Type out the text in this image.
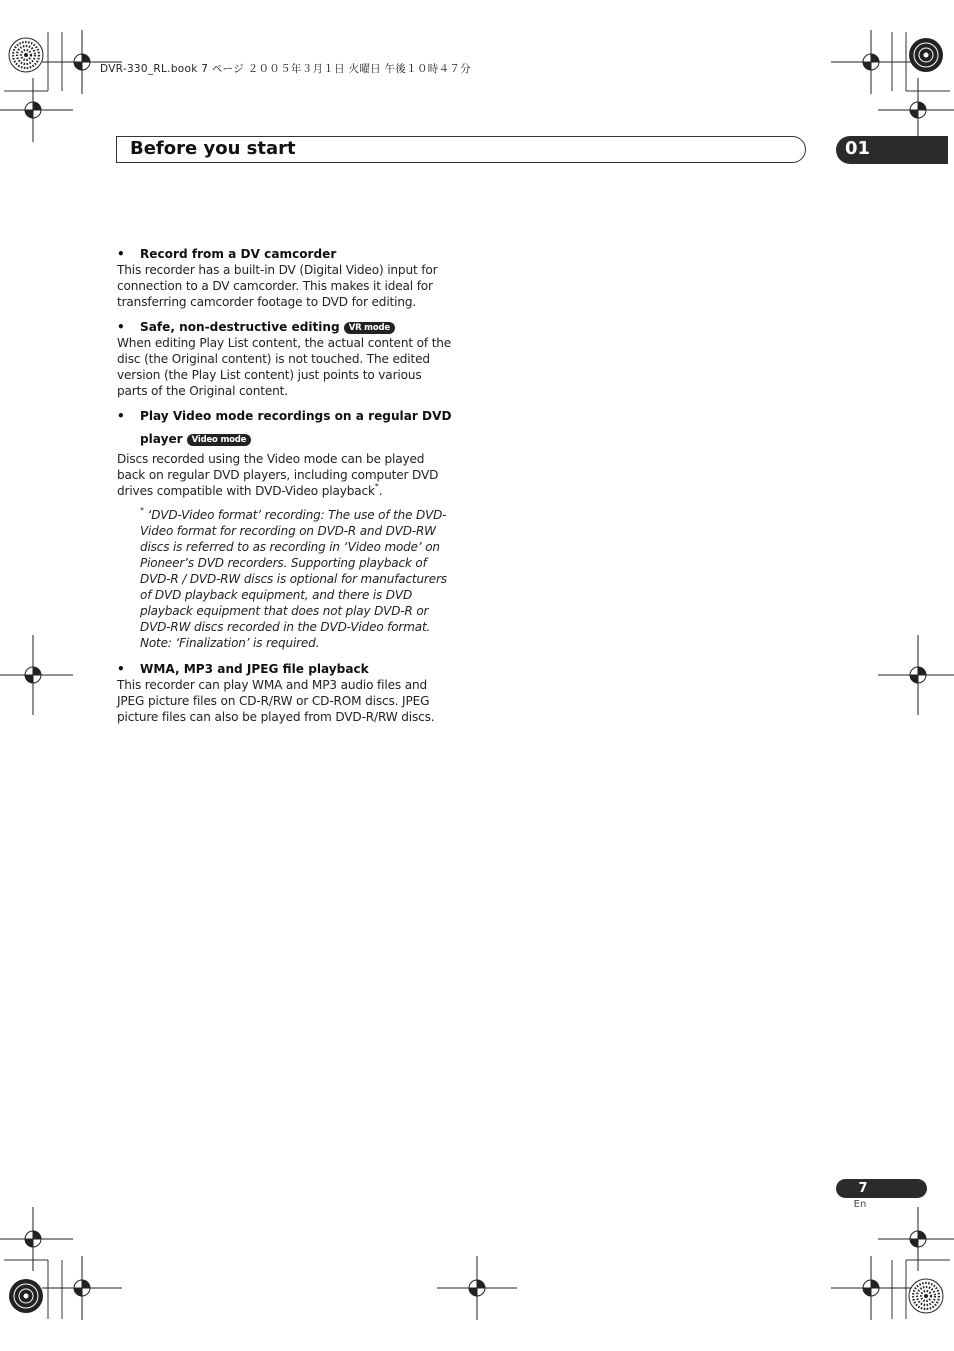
DVR-330_RL.book 7 ページ ２００５年３月１日 火曜日 午後１０時４７分
Before you start	01
• Record from a DV camcorder
This recorder has a built-in DV (Digital Video) input for connection to a DV camcorder. This makes it ideal for transferring camcorder footage to DVD for editing.
• Safe, non-destructive editing VR mode
When editing Play List content, the actual content of the disc (the Original content) is not touched. The edited version (the Play List content) just points to various parts of the Original content.
• Play Video mode recordings on a regular DVD player Video mode
Discs recorded using the Video mode can be played back on regular DVD players, including computer DVD drives compatible with DVD-Video playback*.
* ‘DVD-Video format’ recording: The use of the DVD-Video format for recording on DVD-R and DVD-RW discs is referred to as recording in ‘Video mode’ on Pioneer’s DVD recorders. Supporting playback of DVD-R / DVD-RW discs is optional for manufacturers of DVD playback equipment, and there is DVD playback equipment that does not play DVD-R or DVD-RW discs recorded in the DVD-Video format.
Note: ‘Finalization’ is required.
• WMA, MP3 and JPEG file playback
This recorder can play WMA and MP3 audio files and JPEG picture files on CD-R/RW or CD-ROM discs. JPEG picture files can also be played from DVD-R/RW discs.
7
En
